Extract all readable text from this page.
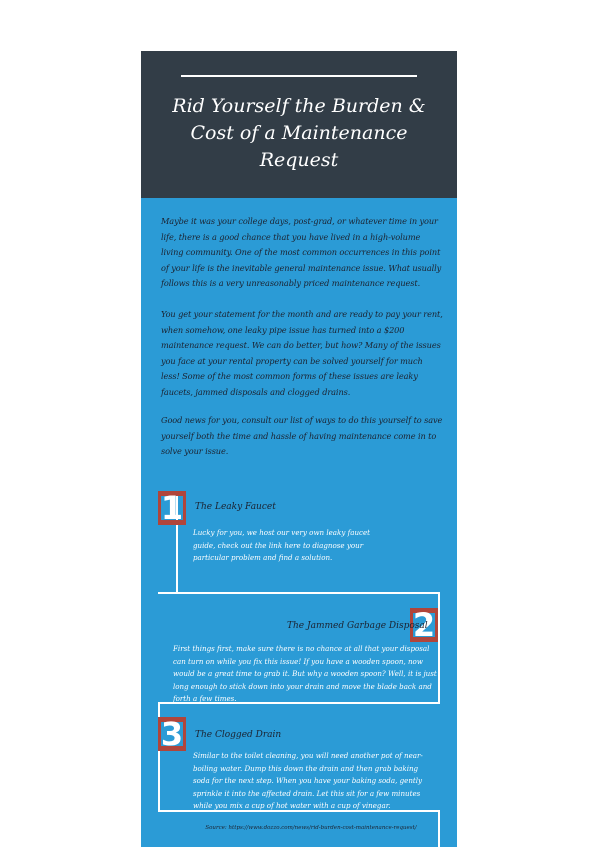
Rid Yourself the Burden & Cost of a Maintenance Request

Maybe it was your college days, post-grad, or whatever time in your life, there is a good chance that you have lived in a high-volume living community. One of the most common occurrences in this point of your life is the inevitable general maintenance issue. What usually follows this is a very unreasonably priced maintenance request.

You get your statement for the month and are ready to pay your rent, when somehow, one leaky pipe issue has turned into a $200 maintenance request. We can do better, but how? Many of the issues you face at your rental property can be solved yourself for much less! Some of the most common forms of these issues are leaky faucets, jammed disposals and clogged drains.

Good news for you, consult our list of ways to do this yourself to save yourself both the time and hassle of having maintenance come in to solve your issue.

1	The Leaky Faucet

Lucky for you, we host our very own leaky faucet guide, check out the link here to diagnose your particular problem and find a solution.

2
The Jammed Garbage Disposal

First things first, make sure there is no chance at all that your disposal can turn on while you fix this issue! If you have a wooden spoon, now would be a great time to grab it. But why a wooden spoon? Well, it is just long enough to stick down into your drain and move the blade back and forth a few times.

3	The Clogged Drain

Similar to the toilet cleaning, you will need another pot of near-boiling water. Dump this down the drain and then grab baking soda for the next step. When you have your baking soda, gently sprinkle it into the affected drain. Let this sit for a few minutes while you mix a cup of hot water with a cup of vinegar.

Source: https://www.dozzo.com/news/rid-burden-cost-maintenance-request/
